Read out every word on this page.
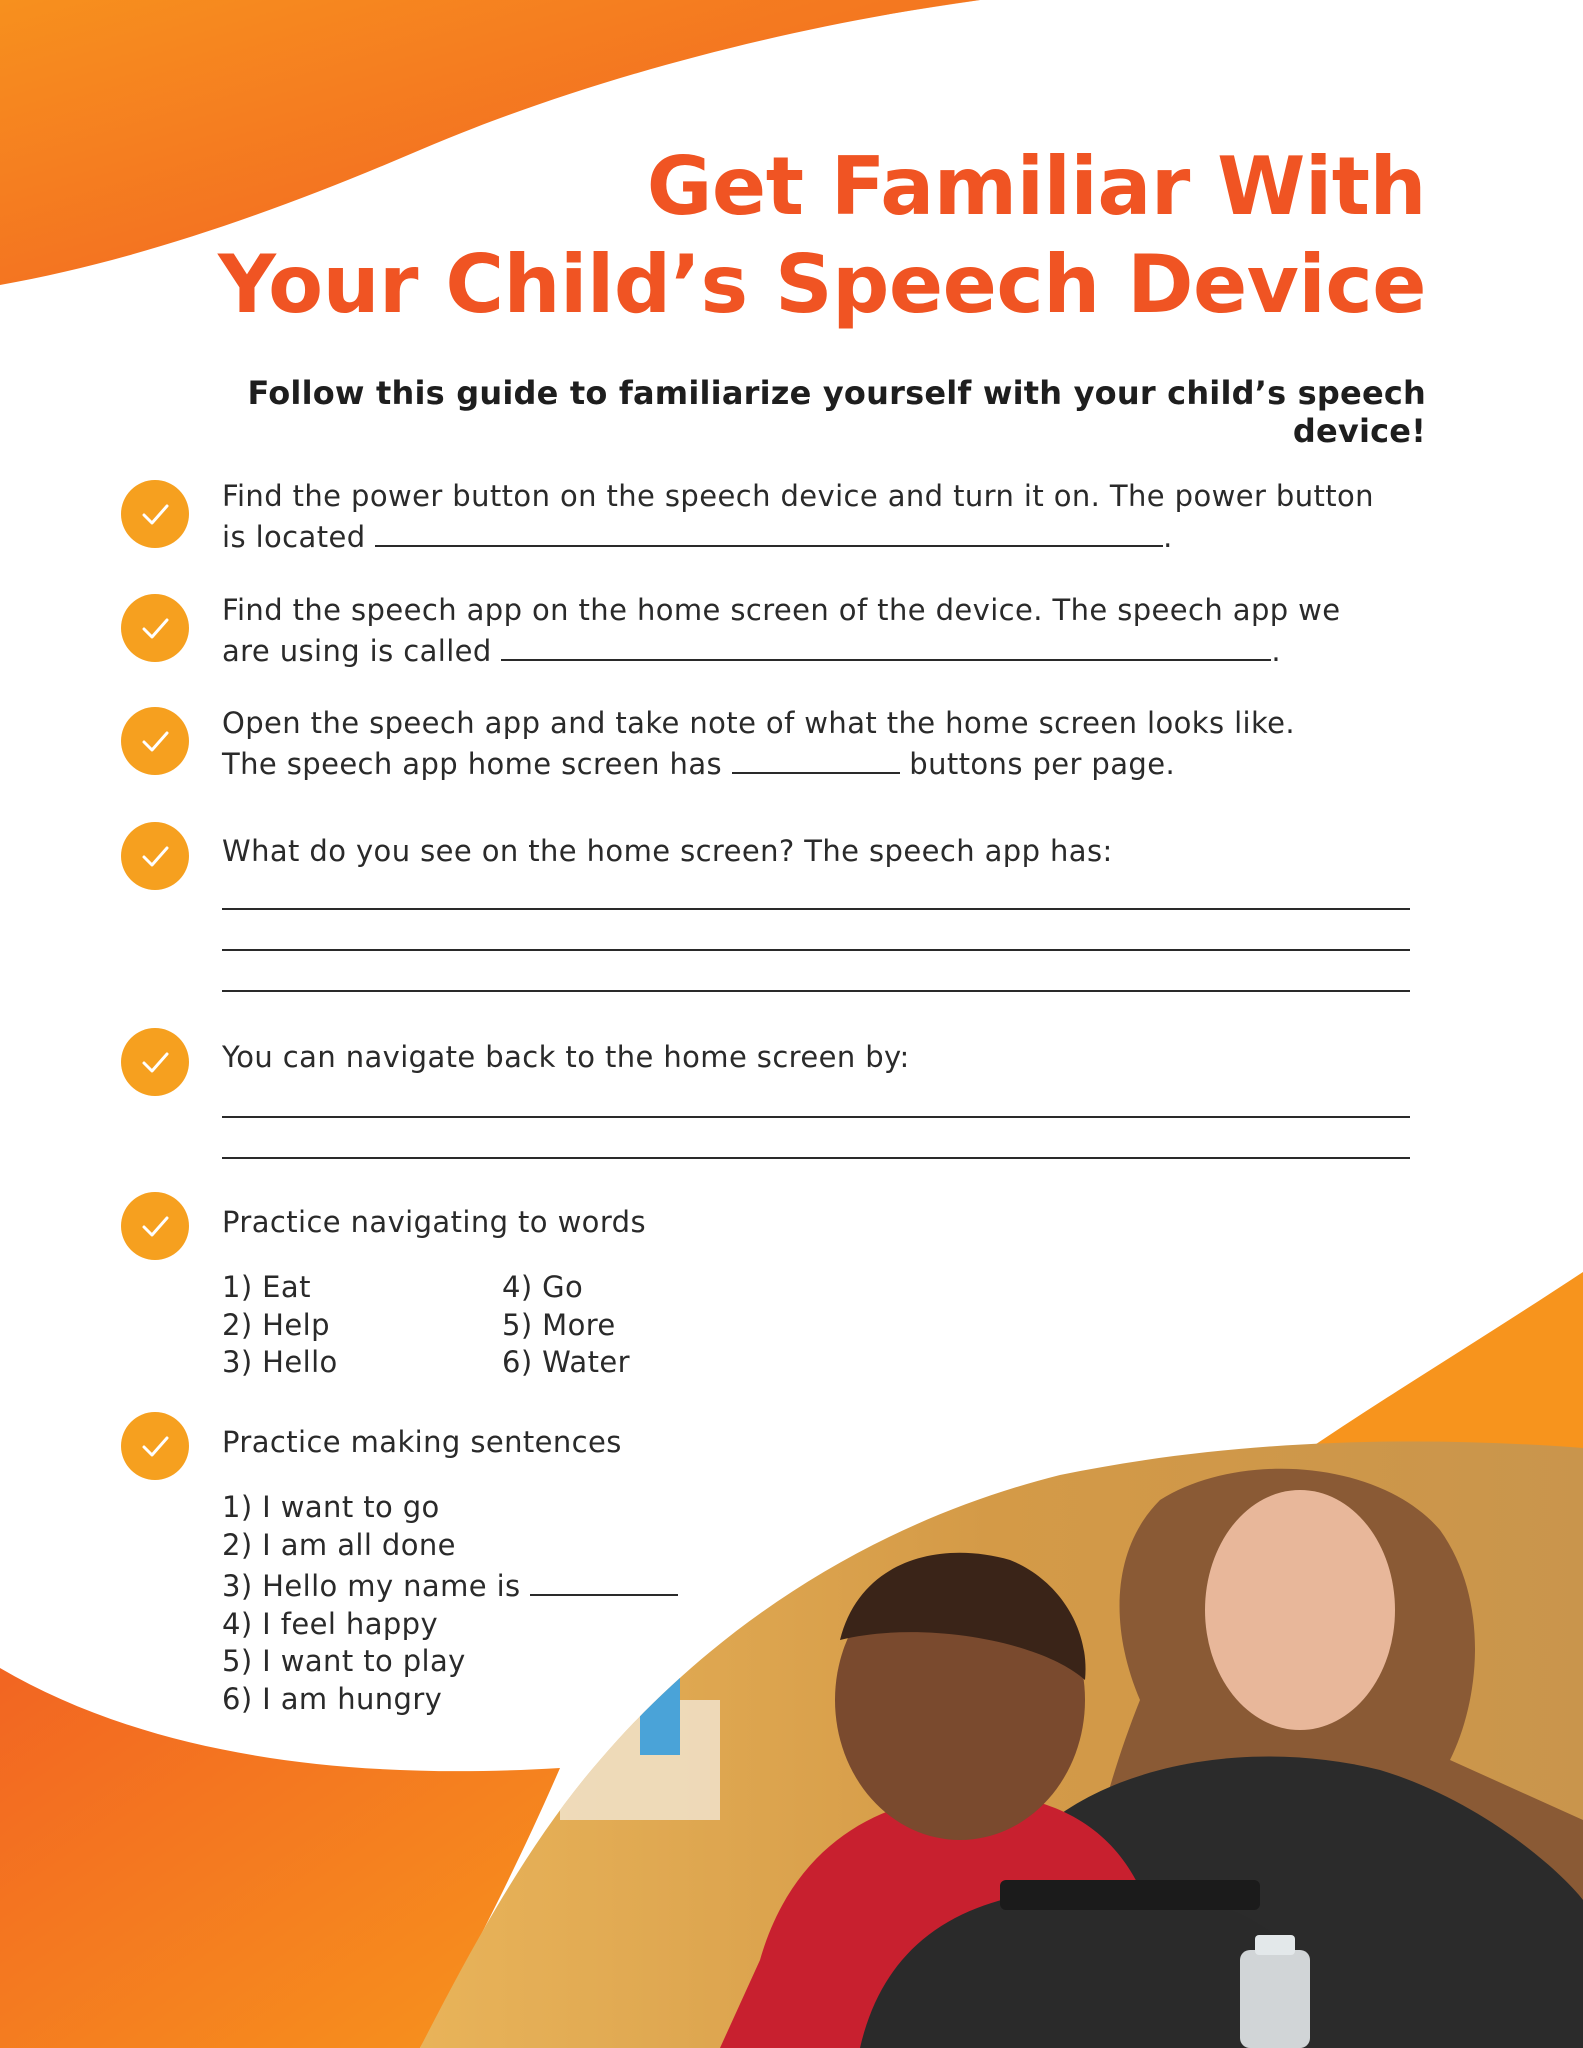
Get Familiar With
Your Child’s Speech Device

Follow this guide to familiarize yourself with your child’s speech device!

Find the power button on the speech device and turn it on. The power button
is located	.

Find the speech app on the home screen of the device. The speech app we
are using is called	.

Open the speech app and take note of what the home screen looks like.
The speech app home screen has	buttons per page.

What do you see on the home screen? The speech app has:

You can navigate back to the home screen by:

Practice navigating to words

1) Eat
2) Help
3) Hello
4) Go
5) More
6) Water

Practice making sentences

1) I want to go
2) I am all done
3) Hello my name is
4) I feel happy
5) I want to play
6) I am hungry
